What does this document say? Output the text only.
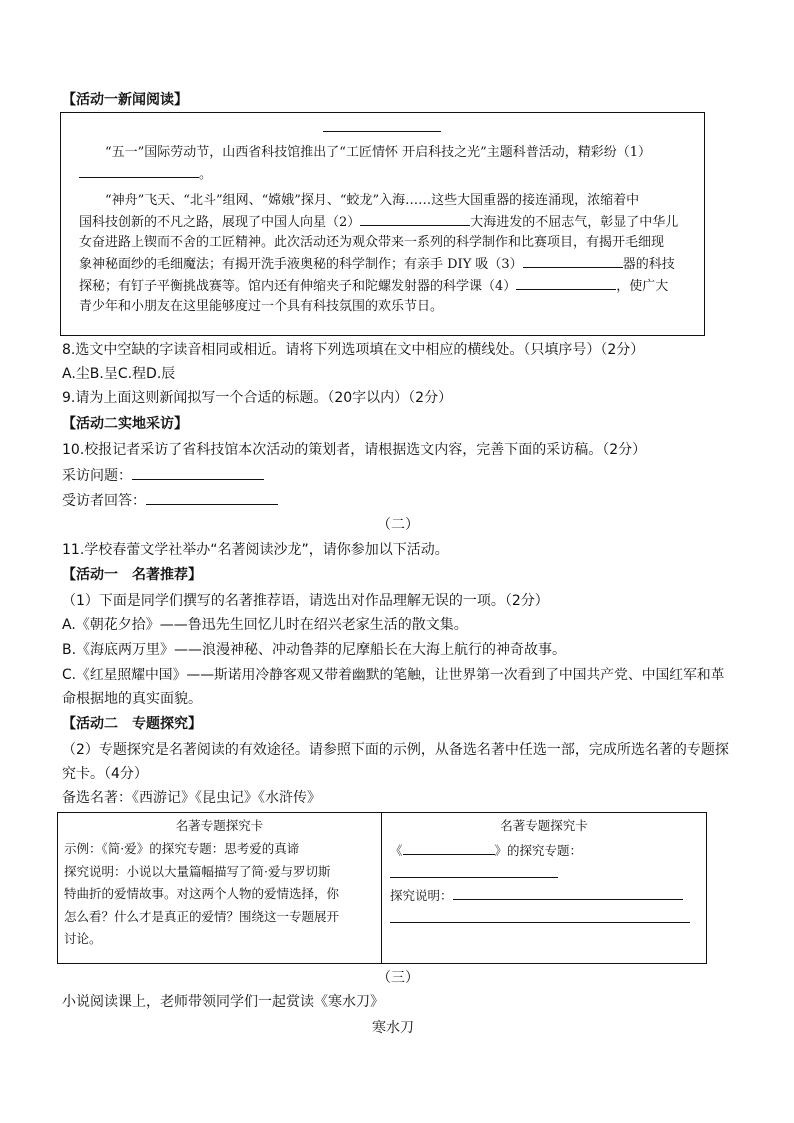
【活动一新闻阅读】
“五一”国际劳动节，山西省科技馆推出了“工匠情怀 开启科技之光”主题科普活动，精彩纷（1）
。
“神舟”飞天、“北斗”组网、“嫦娥”探月、“蛟龙”入海……这些大国重器的接连涌现，浓缩着中
国科技创新的不凡之路，展现了中国人向星（2）	大海进发的不屈志气，彰显了中华儿
女奋进路上锲而不舍的工匠精神。此次活动还为观众带来一系列的科学制作和比赛项目，有揭开毛细现
象神秘面纱的毛细魔法；有揭开洗手液奥秘的科学制作；有亲手 DIY 吸（3）	器的科技
探秘；有钉子平衡挑战赛等。馆内还有伸缩夹子和陀螺发射器的科学课（4）	，使广大
青少年和小朋友在这里能够度过一个具有科技氛围的欢乐节日。
8.选文中空缺的字读音相同或相近。请将下列选项填在文中相应的横线处。（只填序号）（2分）
A.尘B.呈C.程D.辰
9.请为上面这则新闻拟写一个合适的标题。（20字以内）（2分）
【活动二实地采访】
10.校报记者采访了省科技馆本次活动的策划者，请根据选文内容，完善下面的采访稿。（2分）
采访问题：
受访者回答：
（二）
11.学校春蕾文学社举办“名著阅读沙龙”，请你参加以下活动。
【活动一　名著推荐】
（1）下面是同学们撰写的名著推荐语，请选出对作品理解无误的一项。（2分）
A.《朝花夕拾》——鲁迅先生回忆儿时在绍兴老家生活的散文集。
B.《海底两万里》——浪漫神秘、冲动鲁莽的尼摩船长在大海上航行的神奇故事。
C.《红星照耀中国》——斯诺用冷静客观又带着幽默的笔触，让世界第一次看到了中国共产党、中国红军和革
命根据地的真实面貌。
【活动二　专题探究】
（2）专题探究是名著阅读的有效途径。请参照下面的示例，从备选名著中任选一部，完成所选名著的专题探
究卡。（4分）
备选名著：《西游记》《昆虫记》《水浒传》
名著专题探究卡
示例：《简·爱》的探究专题：思考爱的真谛
探究说明：小说以大量篇幅描写了简·爱与罗切斯
特曲折的爱情故事。对这两个人物的爱情选择，你
怎么看？什么才是真正的爱情？围绕这一专题展开
讨论。

名著专题探究卡
《	》的探究专题：
探究说明：
（三）
小说阅读课上，老师带领同学们一起赏读《寒水刀》
寒水刀
